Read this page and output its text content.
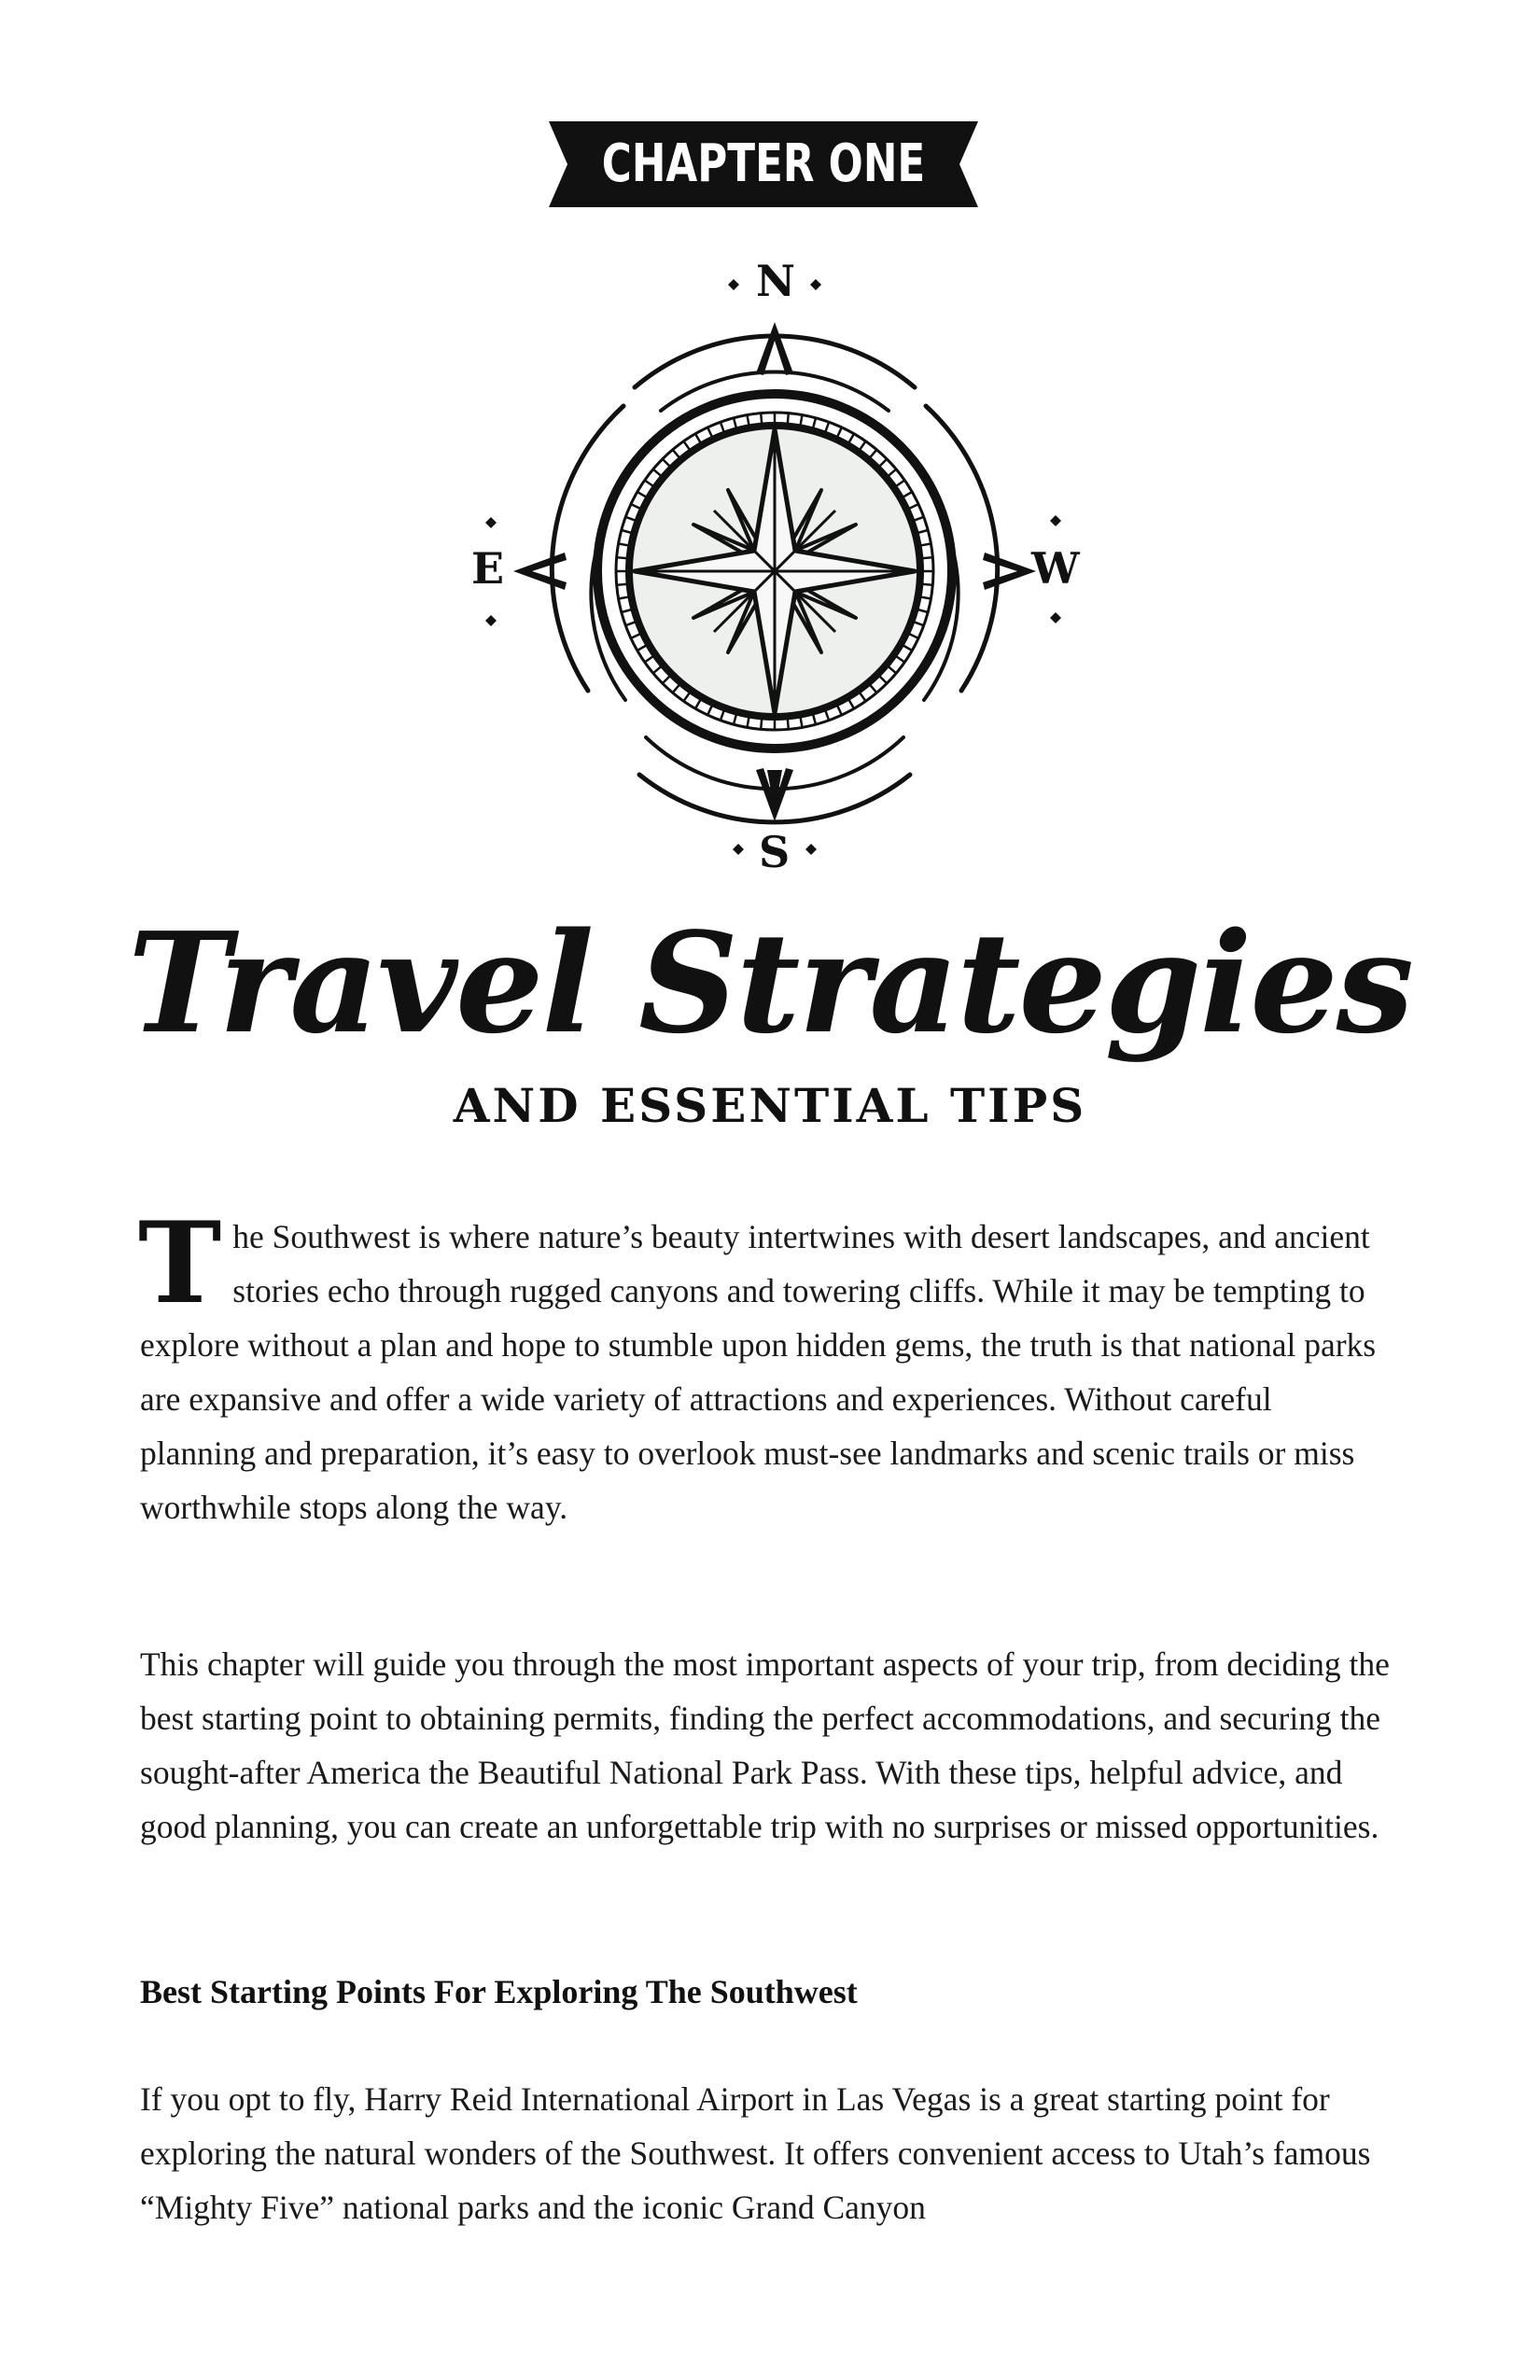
CHAPTER ONE
N
E	W
S
Travel Strategies
AND ESSENTIAL TIPS
The Southwest is where nature’s beauty intertwines with desert landscapes, and ancient stories echo through rugged canyons and towering cliffs. While it may be tempting to explore without a plan and hope to stumble upon hidden gems, the truth is that national parks are expansive and offer a wide variety of attractions and experiences. Without careful planning and preparation, it’s easy to overlook must-see landmarks and scenic trails or miss worthwhile stops along the way.
This chapter will guide you through the most important aspects of your trip, from deciding the best starting point to obtaining permits, finding the perfect accommodations, and securing the sought-after America the Beautiful National Park Pass. With these tips, helpful advice, and good planning, you can create an unforgettable trip with no surprises or missed opportunities.
Best Starting Points For Exploring The Southwest
If you opt to fly, Harry Reid International Airport in Las Vegas is a great starting point for exploring the natural wonders of the Southwest. It offers convenient access to Utah’s famous “Mighty Five” national parks and the iconic Grand Canyon
